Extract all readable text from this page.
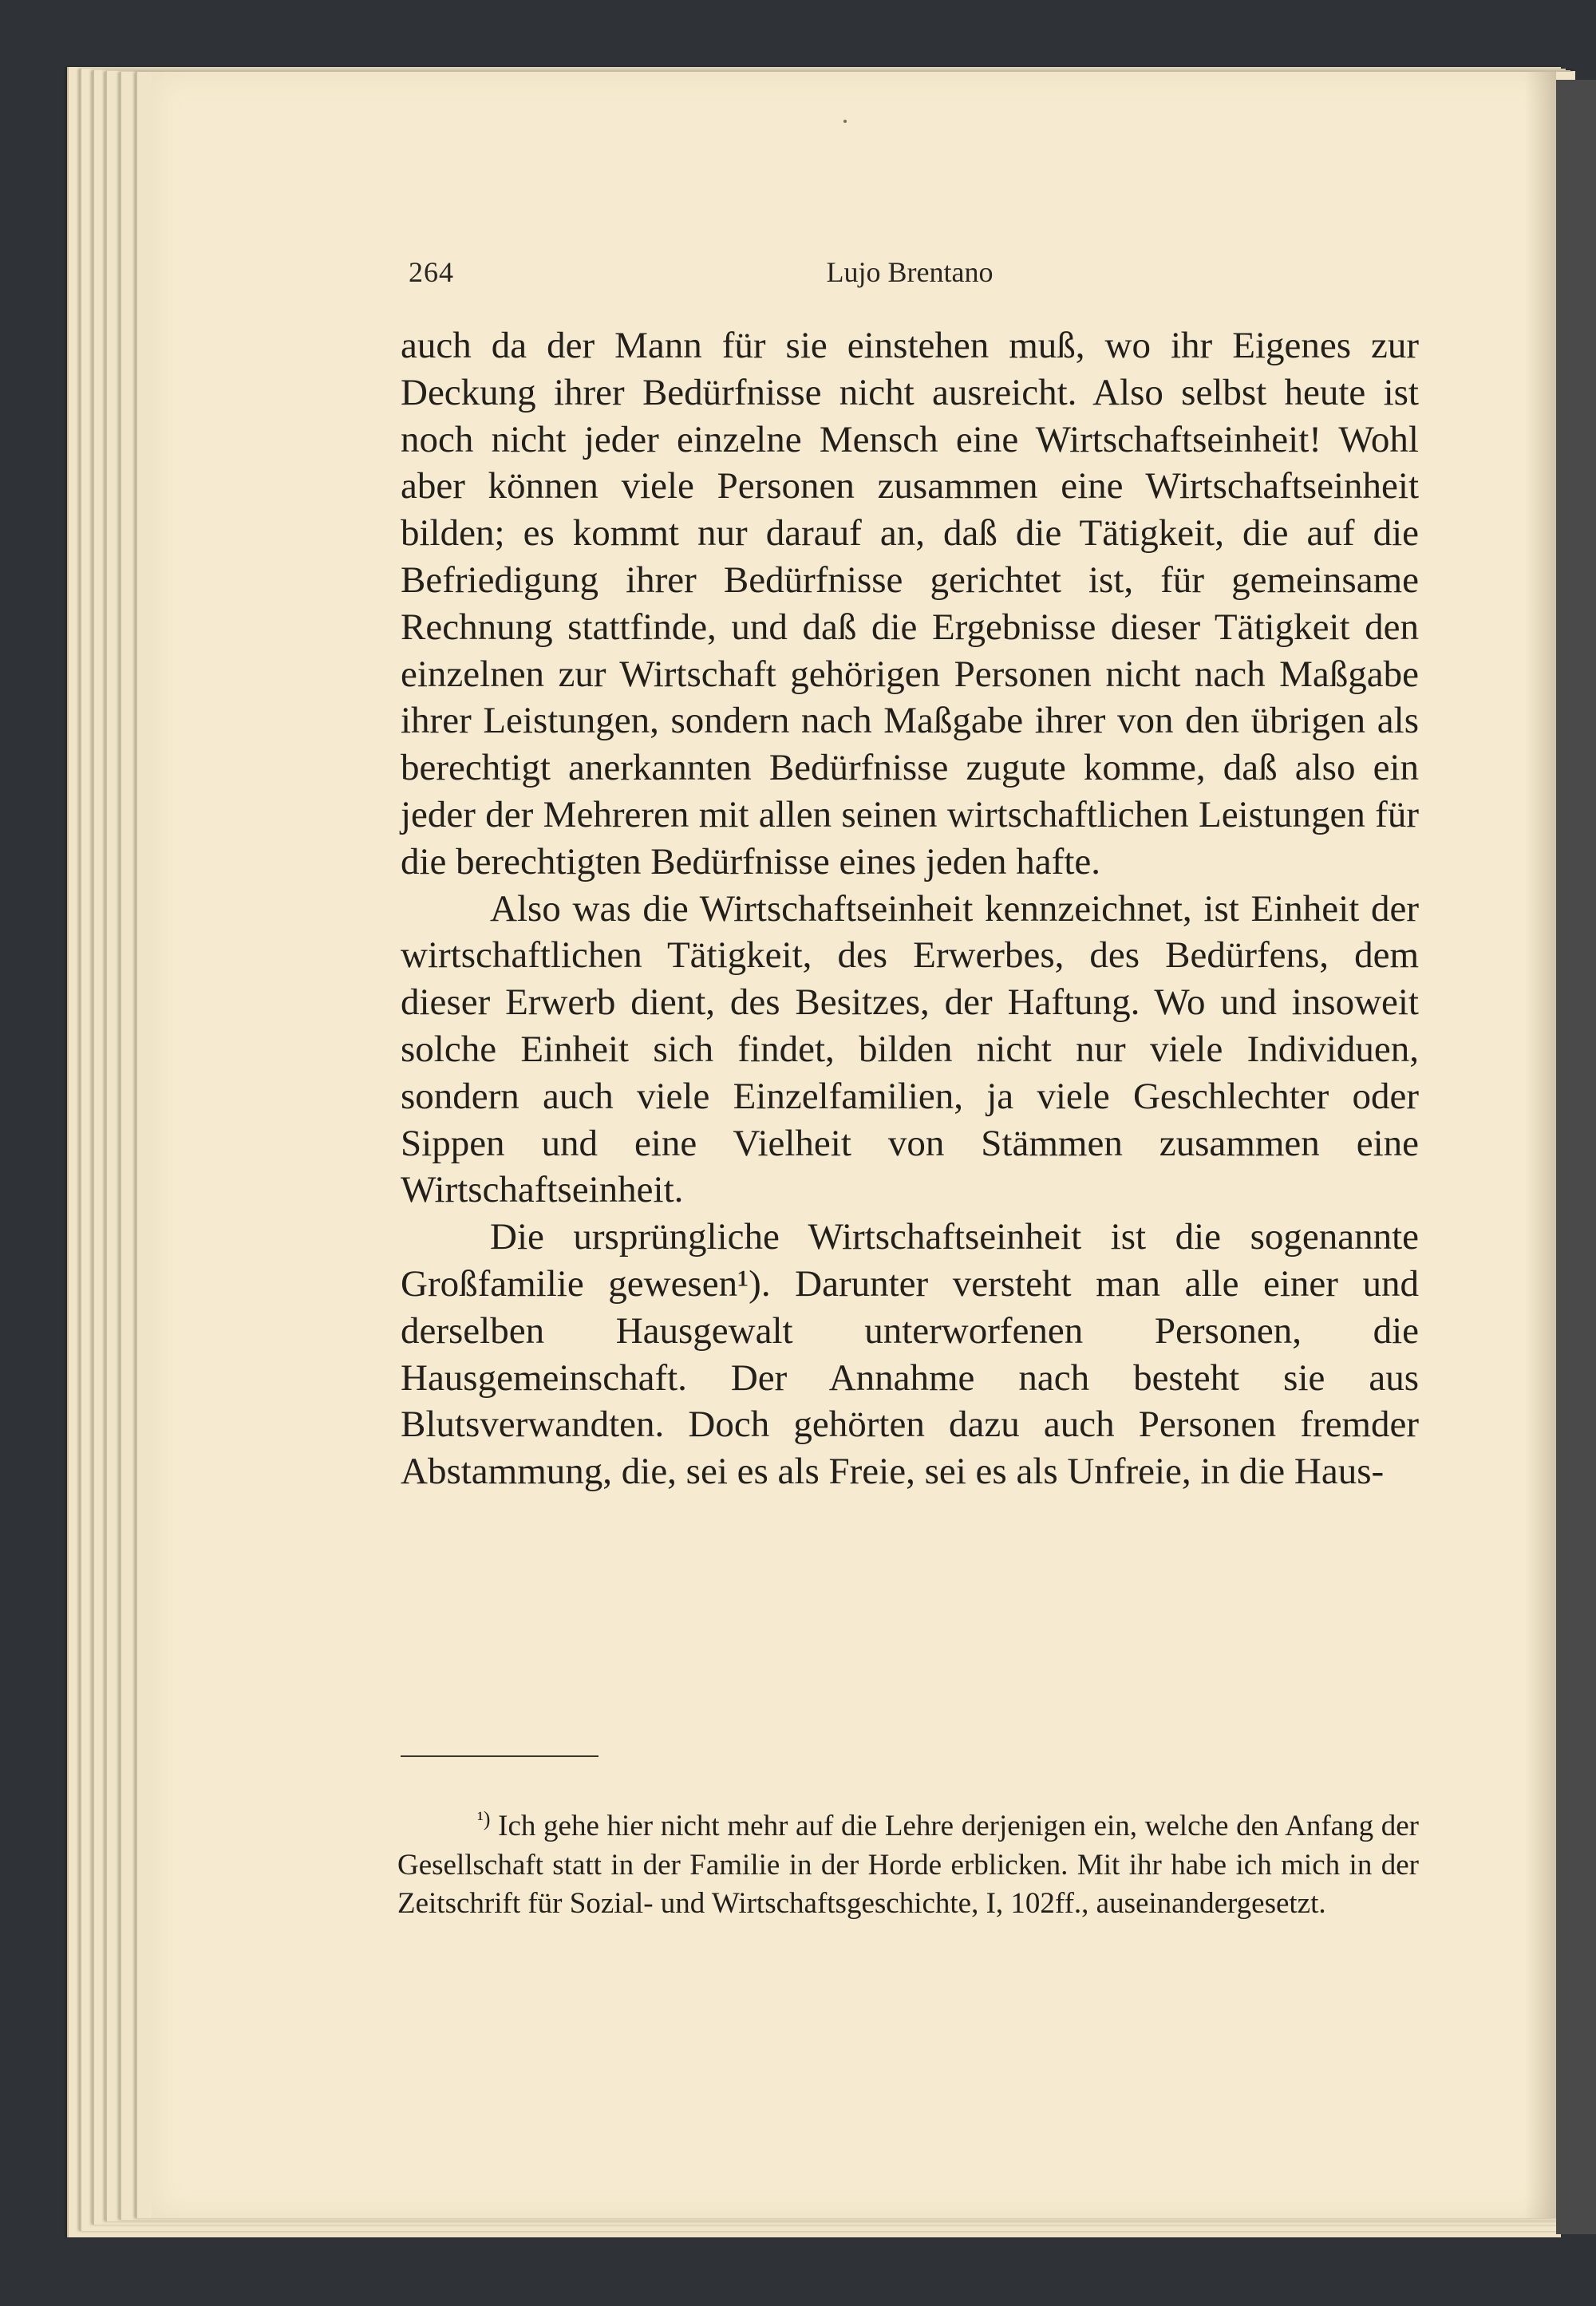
264	Lujo Brentano

auch da der Mann für sie einstehen muß, wo ihr Eigenes zur Deckung ihrer Bedürfnisse nicht ausreicht. Also selbst heute ist noch nicht jeder einzelne Mensch eine Wirtschaftseinheit! Wohl aber können viele Personen zusammen eine Wirtschaftseinheit bilden; es kommt nur darauf an, daß die Tätigkeit, die auf die Befriedigung ihrer Bedürfnisse gerichtet ist, für gemeinsame Rechnung stattfinde, und daß die Ergebnisse dieser Tätigkeit den einzelnen zur Wirtschaft gehörigen Personen nicht nach Maßgabe ihrer Leistungen, sondern nach Maßgabe ihrer von den übrigen als berechtigt anerkannten Bedürfnisse zugute komme, daß also ein jeder der Mehreren mit allen seinen wirtschaftlichen Leistungen für die berechtigten Bedürfnisse eines jeden hafte.

Also was die Wirtschaftseinheit kennzeichnet, ist Einheit der wirtschaftlichen Tätigkeit, des Erwerbes, des Bedürfens, dem dieser Erwerb dient, des Besitzes, der Haftung. Wo und insoweit solche Einheit sich findet, bilden nicht nur viele Individuen, sondern auch viele Einzelfamilien, ja viele Geschlechter oder Sippen und eine Vielheit von Stämmen zusammen eine Wirtschaftseinheit.

Die ursprüngliche Wirtschaftseinheit ist die sogenannte Großfamilie gewesen¹). Darunter versteht man alle einer und derselben Hausgewalt unterworfenen Personen, die Hausgemeinschaft. Der Annahme nach besteht sie aus Blutsverwandten. Doch gehörten dazu auch Personen fremder Abstammung, die, sei es als Freie, sei es als Unfreie, in die Haus-

$^{^1)}$ Ich gehe hier nicht mehr auf die Lehre derjenigen ein, welche den Anfang der Gesellschaft statt in der Familie in der Horde erblicken. Mit ihr habe ich mich in der Zeitschrift für Sozial- und Wirtschaftsgeschichte, I, 102ff., auseinandergesetzt.
